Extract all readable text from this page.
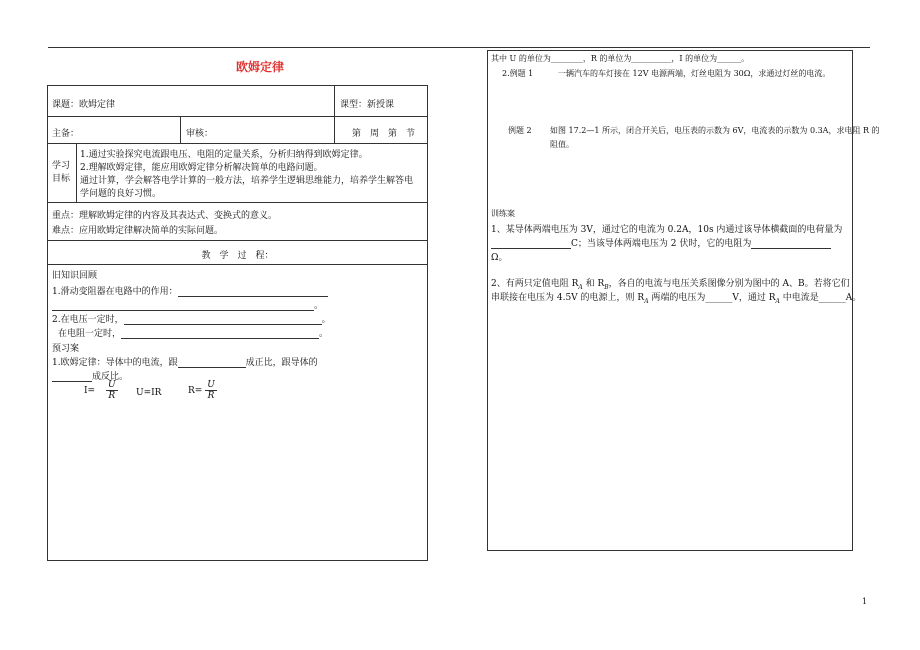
欧姆定律
课题：欧姆定律	课型：新授课
主备：	审核：	第　周　第　节
学习
目标
1.通过实验探究电流跟电压、电阻的定量关系，分析归纳得到欧姆定律。
2.理解欧姆定律，能应用欧姆定律分析解决简单的电路问题。
通过计算，学会解答电学计算的一般方法，培养学生逻辑思维能力，培养学生解答电
学问题的良好习惯。
重点：理解欧姆定律的内容及其表达式、变换式的意义。
难点：应用欧姆定律解决简单的实际问题。
教　学　过　程：
旧知识回顾
1.滑动变阻器在电路中的作用：
。
2.在电压一定时，	。
在电阻一定时，	。
预习案
1.欧姆定律：导体中的电流，跟	成正比，跟导体的
成反比。
$I= \frac{U}{R} U=IR$	$R= \frac{U}{R}$
其中 U 的单位为________，R 的单位为__________，I 的单位为______。
2.例题 1	一辆汽车的车灯接在 12V 电源两端，灯丝电阻为 30Ω，求通过灯丝的电流。
例题 2 如图 17.2—1 所示，闭合开关后，电压表的示数为 6V，电流表的示数为 0.3A，求电阻 R 的
阻值。
训练案
1、某导体两端电压为 3V，通过它的电流为 0.2A，10s 内通过该导体横截面的电荷量为
C；当该导体两端电压为 2 伏时，它的电阻为
Ω。
2、有两只定值电阻 $R_A$ 和 $R_B$，各自的电流与电压关系图像分别为图中的 A、B。若将它们
串联接在电压为 4.5V 的电源上，则 $R_A$ 两端的电压为______V，通过 $R_A$ 中电流是______A。
1
